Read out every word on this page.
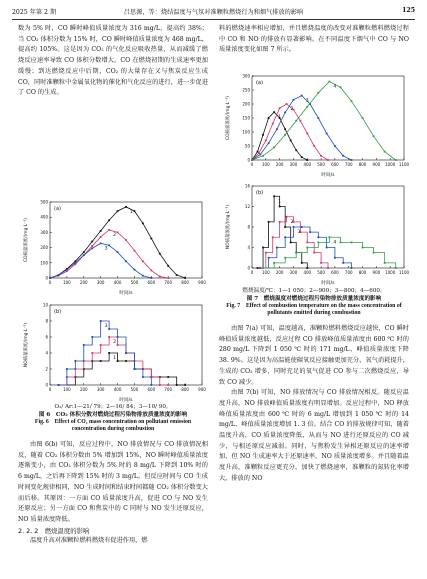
2025 年第 2 期	吕思源，等：烧结温度与气氛对准颗粒燃烧行为和烟气排放的影响	125

数为 5% 时，CO 瞬时峰值质量浓度为 316 mg/L，提高约 38%；当 CO₂ 体积分数为 15% 时，CO 瞬时峰值质量浓度为 468 mg/L，提高约 105%。这是因为 CO₂ 的气化反应吸收热量，从而减缓了燃烧反应速率导致 CO 体积分数增大。CO 在燃烧初期的生成速率更加缓慢；到达燃烧反应中后期，CO₂ 的大量存在又与焦炭反应生成 CO，同时准颗粒中金属氧化物的催化和气化反应的进行，进一步促进了 CO 的生成。

0	100 200 300 400 500 600 700 800 900
0
100
200
300
400
500
时间/s
CO质量浓度/(mg·L⁻¹)
(a)
1
2
3
0	100 200 300 400 500 600 700 800 900
0
2
4
6
8
10
时间/s
NO质量浓度/(mg·L⁻¹)
(b)
1
2
3
O₂/ Ar:1—21/ 79；2—16/ 84；3—10/ 90。
图 6　CO₂ 体积分数对燃烧过程污染物排放质量浓度的影响
Fig. 6　Effect of CO₂ mass concentration on pollutant emission concentration during combustion

由图 6(b) 可知，反应过程中，NO 排放情况与 CO 排放情况相反，随着 CO₂ 体积分数由 5% 增加到 15%，NO 瞬时峰值质量浓度逐渐变小，由 CO₂ 体积分数为 5% 时的 8 mg/L 下降到 10% 时的 6 mg/L，之后再下降到 15% 时的 3 mg/L。但反应时间与 CO 生成时间变化规律相同，NO 生成时间和结束时间都随 CO₂ 体积分数变大而后移。其原因：一方面 CO 质量浓度升高，促进 CO 与 NO 发生还原反应；另一方面 CO 和焦炭中的 C 同时与 NO 发生还原反应，NO 质量浓度降低。

2. 2. 2　燃烧温度的影响

温度升高对准颗粒燃料燃烧有促进作用，燃

料的燃烧速率相应增加，并且燃烧温度的改变对准颗粒燃料燃烧过程中 CO 和 NO 的排放有显著影响。在不同温度下烟气中 CO 与 NO 质量浓度变化如图 7 所示。

0 100 200 300 400 500 600 700 800 900 1000 1100
0
50
100
150
200
250
300
时间/s
CO质量浓度/(mg·L⁻¹)
(a)
1
2
3
4
0 100 200 300 400 500 600 700 800 900 1000 1100
0
4
8
12
16
时间/s
NO质量浓度/(mg·L⁻¹)
(b)
1
2
3
4
燃烧温度/℃：1—1 050；2—900；3—800；4—600。
图 7　燃烧温度对燃烧过程污染物排放质量浓度的影响
Fig. 7　Effect of combustion temperature on the mass concentration of pollutants emitted during combustion

由图 7(a) 可知，温度越高，准颗粒燃料燃烧反应越快，CO 瞬时峰值质量浓度越低，反应过程 CO 排放峰值质量浓度由 600 ℃ 时的 280 mg/L 下降到 1 050 ℃ 时的 171 mg/L，峰值质量浓度下降 38. 9%。这是因为高温能使碳氧反应接触更加充分，氧气消耗提升，生成的 CO₂ 增多，同时充足的氧气促进 CO 参与二次燃烧反应，导致 CO 减少。

由图 7(b) 可知，NO 排放情况与 CO 排放情况相反。随反应温度升高，NO 排放峰值质量浓度有明显增加。反应过程中，NO 释放峰值质量浓度由 600 ℃ 时的 6 mg/L 增加到 1 050 ℃ 时的 14 mg/L，峰值质量浓度增加 1. 3 倍。结合 CO 的排放规律可知，随着温度升高，CO 质量浓度降低，从而与 NO 进行还原反应的 CO 减少，与相还原反应减弱。同时，与焦粉发生异相还原反应的速率增加，但 NO 生成速率大于还原速率，NO 质量浓度增多。并且随着温度升高，准颗粒反应更充分，加快了燃烧速率，准颗粒的氮转化率增大，排放的 NO
